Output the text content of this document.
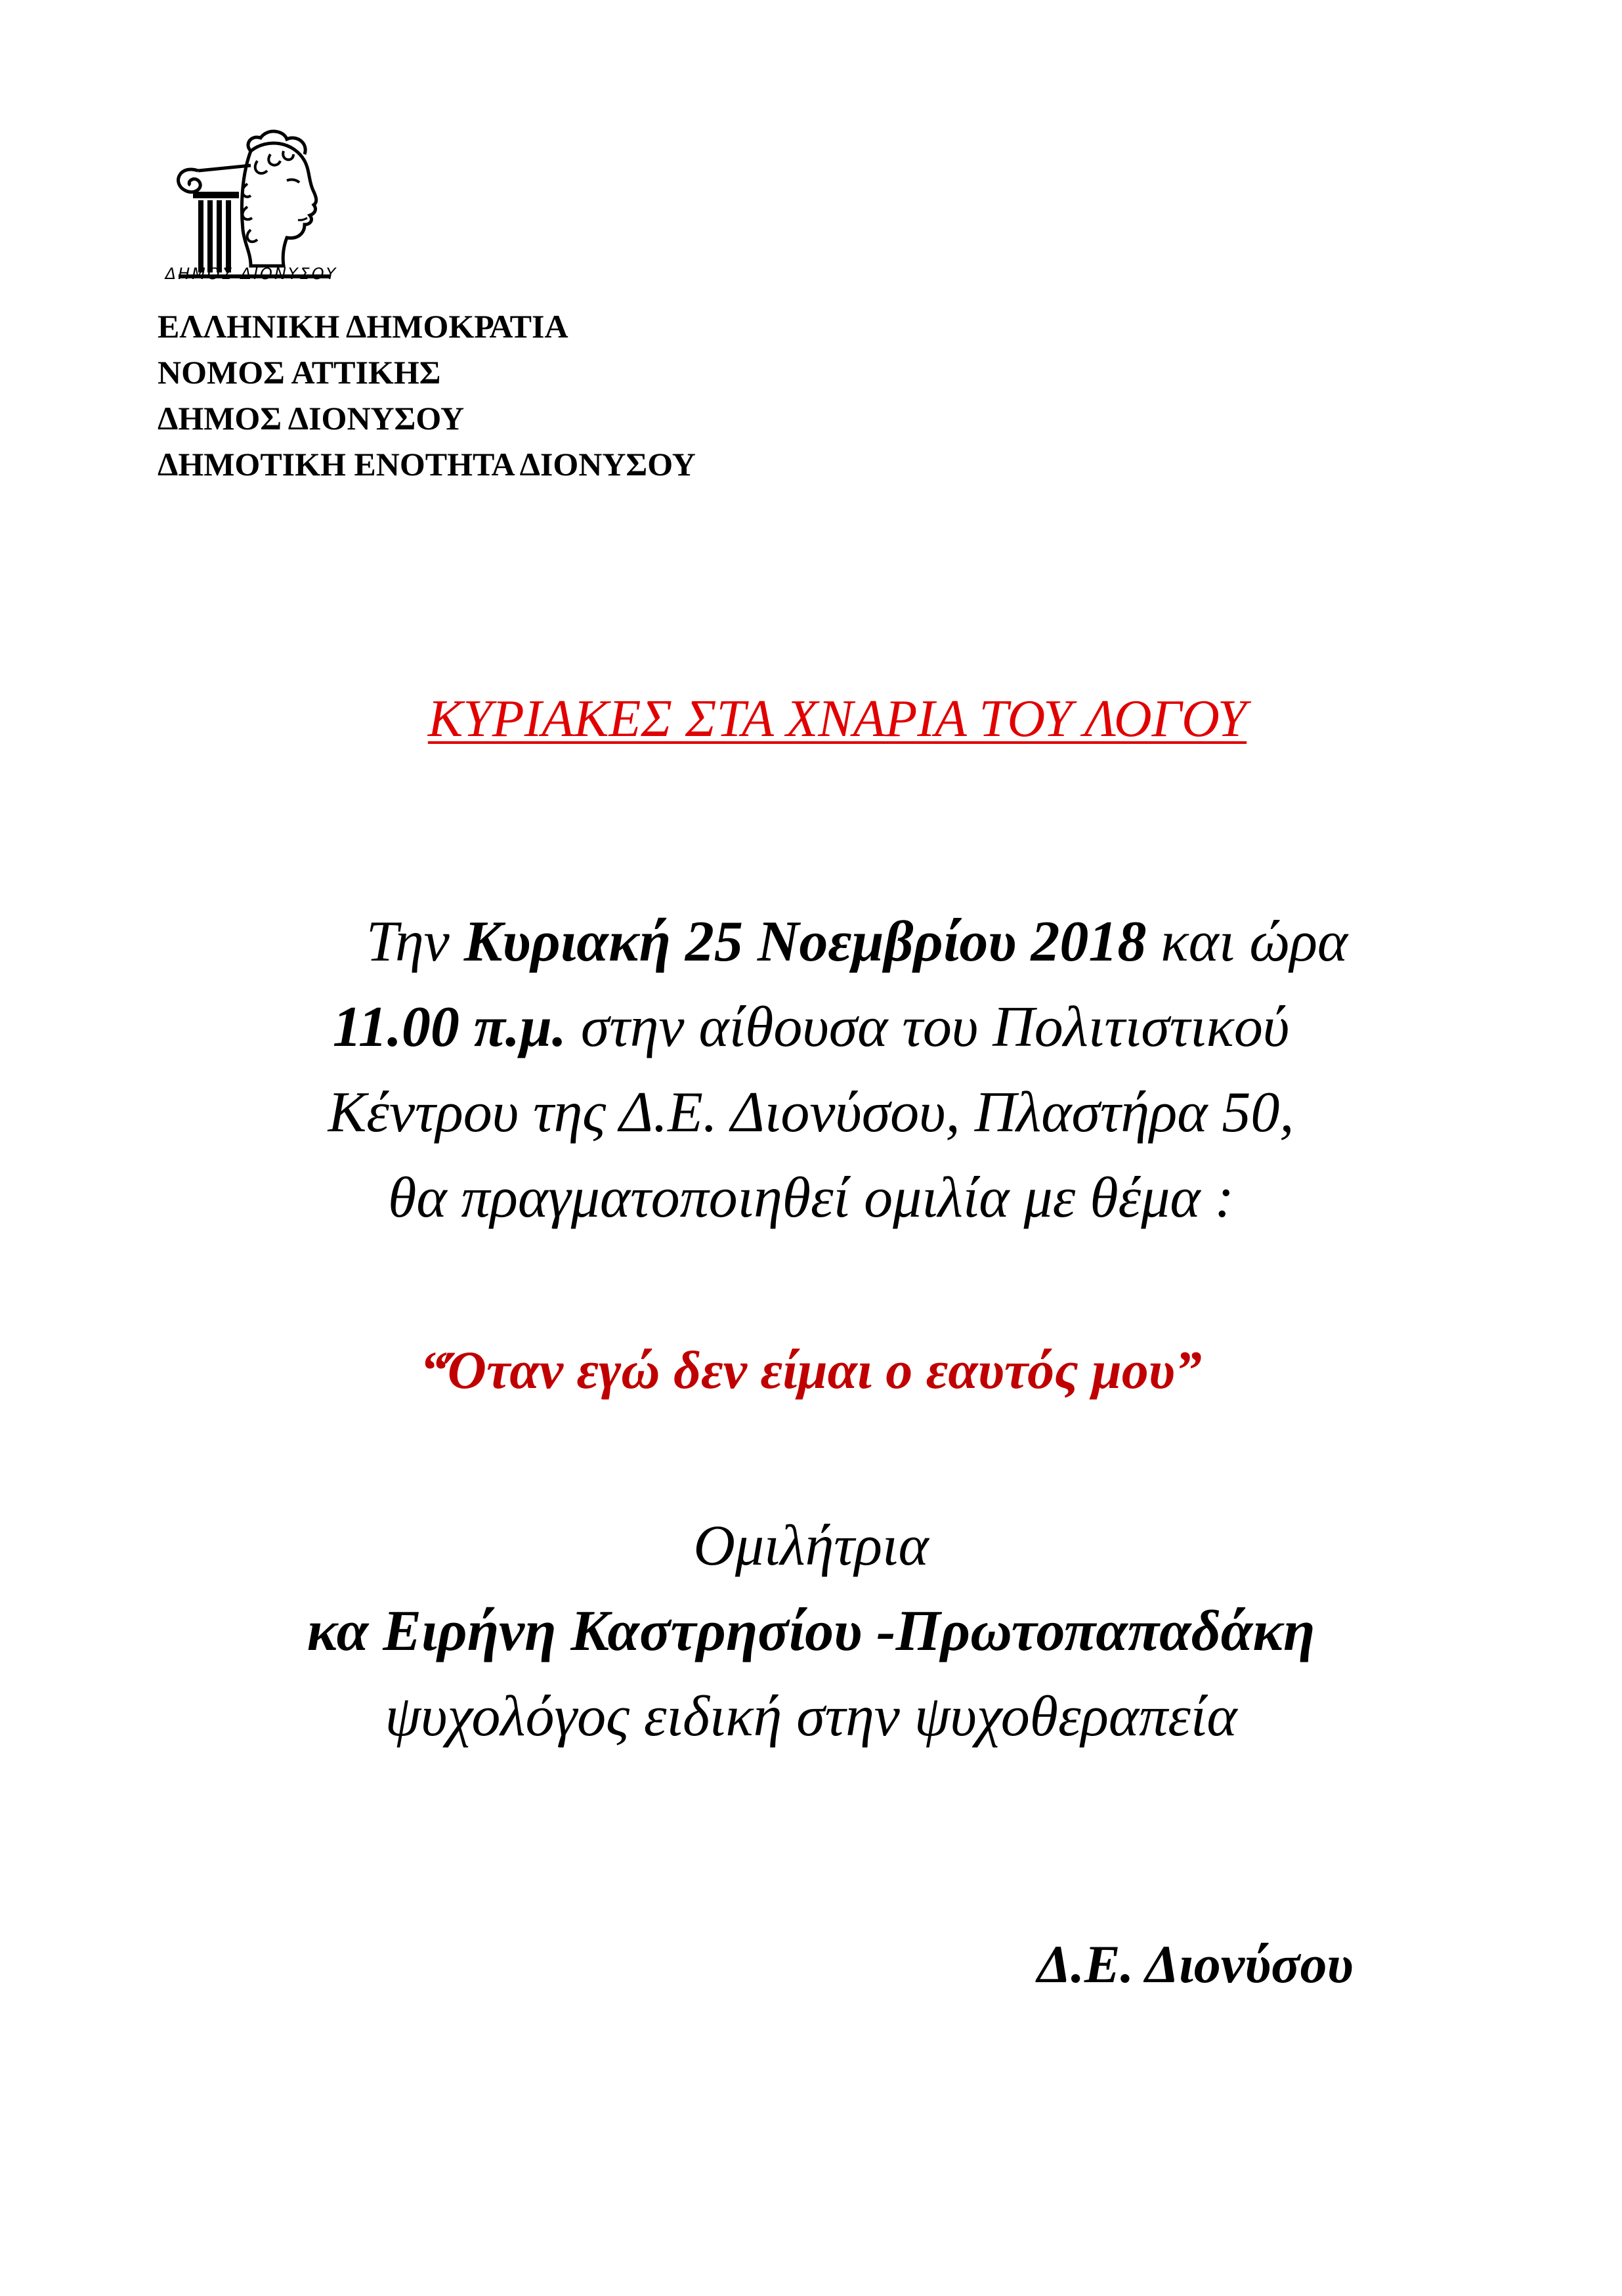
ΔΗΜΟΣ ΔΙΟΝΥΣΟΥ
ΕΛΛΗΝΙΚΗ ΔΗΜΟΚΡΑΤΙΑ
ΝΟΜΟΣ ΑΤΤΙΚΗΣ
ΔΗΜΟΣ ΔΙΟΝΥΣΟΥ
ΔΗΜΟΤΙΚΗ ΕΝΟΤΗΤΑ ΔΙΟΝΥΣΟΥ
ΚΥΡΙΑΚΕΣ ΣΤΑ ΧΝΑΡΙΑ ΤΟΥ ΛΟΓΟΥ
Την Κυριακή 25 Νοεμβρίου 2018 και ώρα
11.00 π.μ. στην αίθουσα του Πολιτιστικού
Κέντρου της Δ.Ε. Διονύσου, Πλαστήρα 50,
θα πραγματοποιηθεί ομιλία με θέμα :
“Όταν εγώ δεν είμαι ο εαυτός μου”
Ομιλήτρια
κα Ειρήνη Καστρησίου -Πρωτοπαπαδάκη
ψυχολόγος ειδική στην ψυχοθεραπεία
Δ.Ε. Διονύσου
